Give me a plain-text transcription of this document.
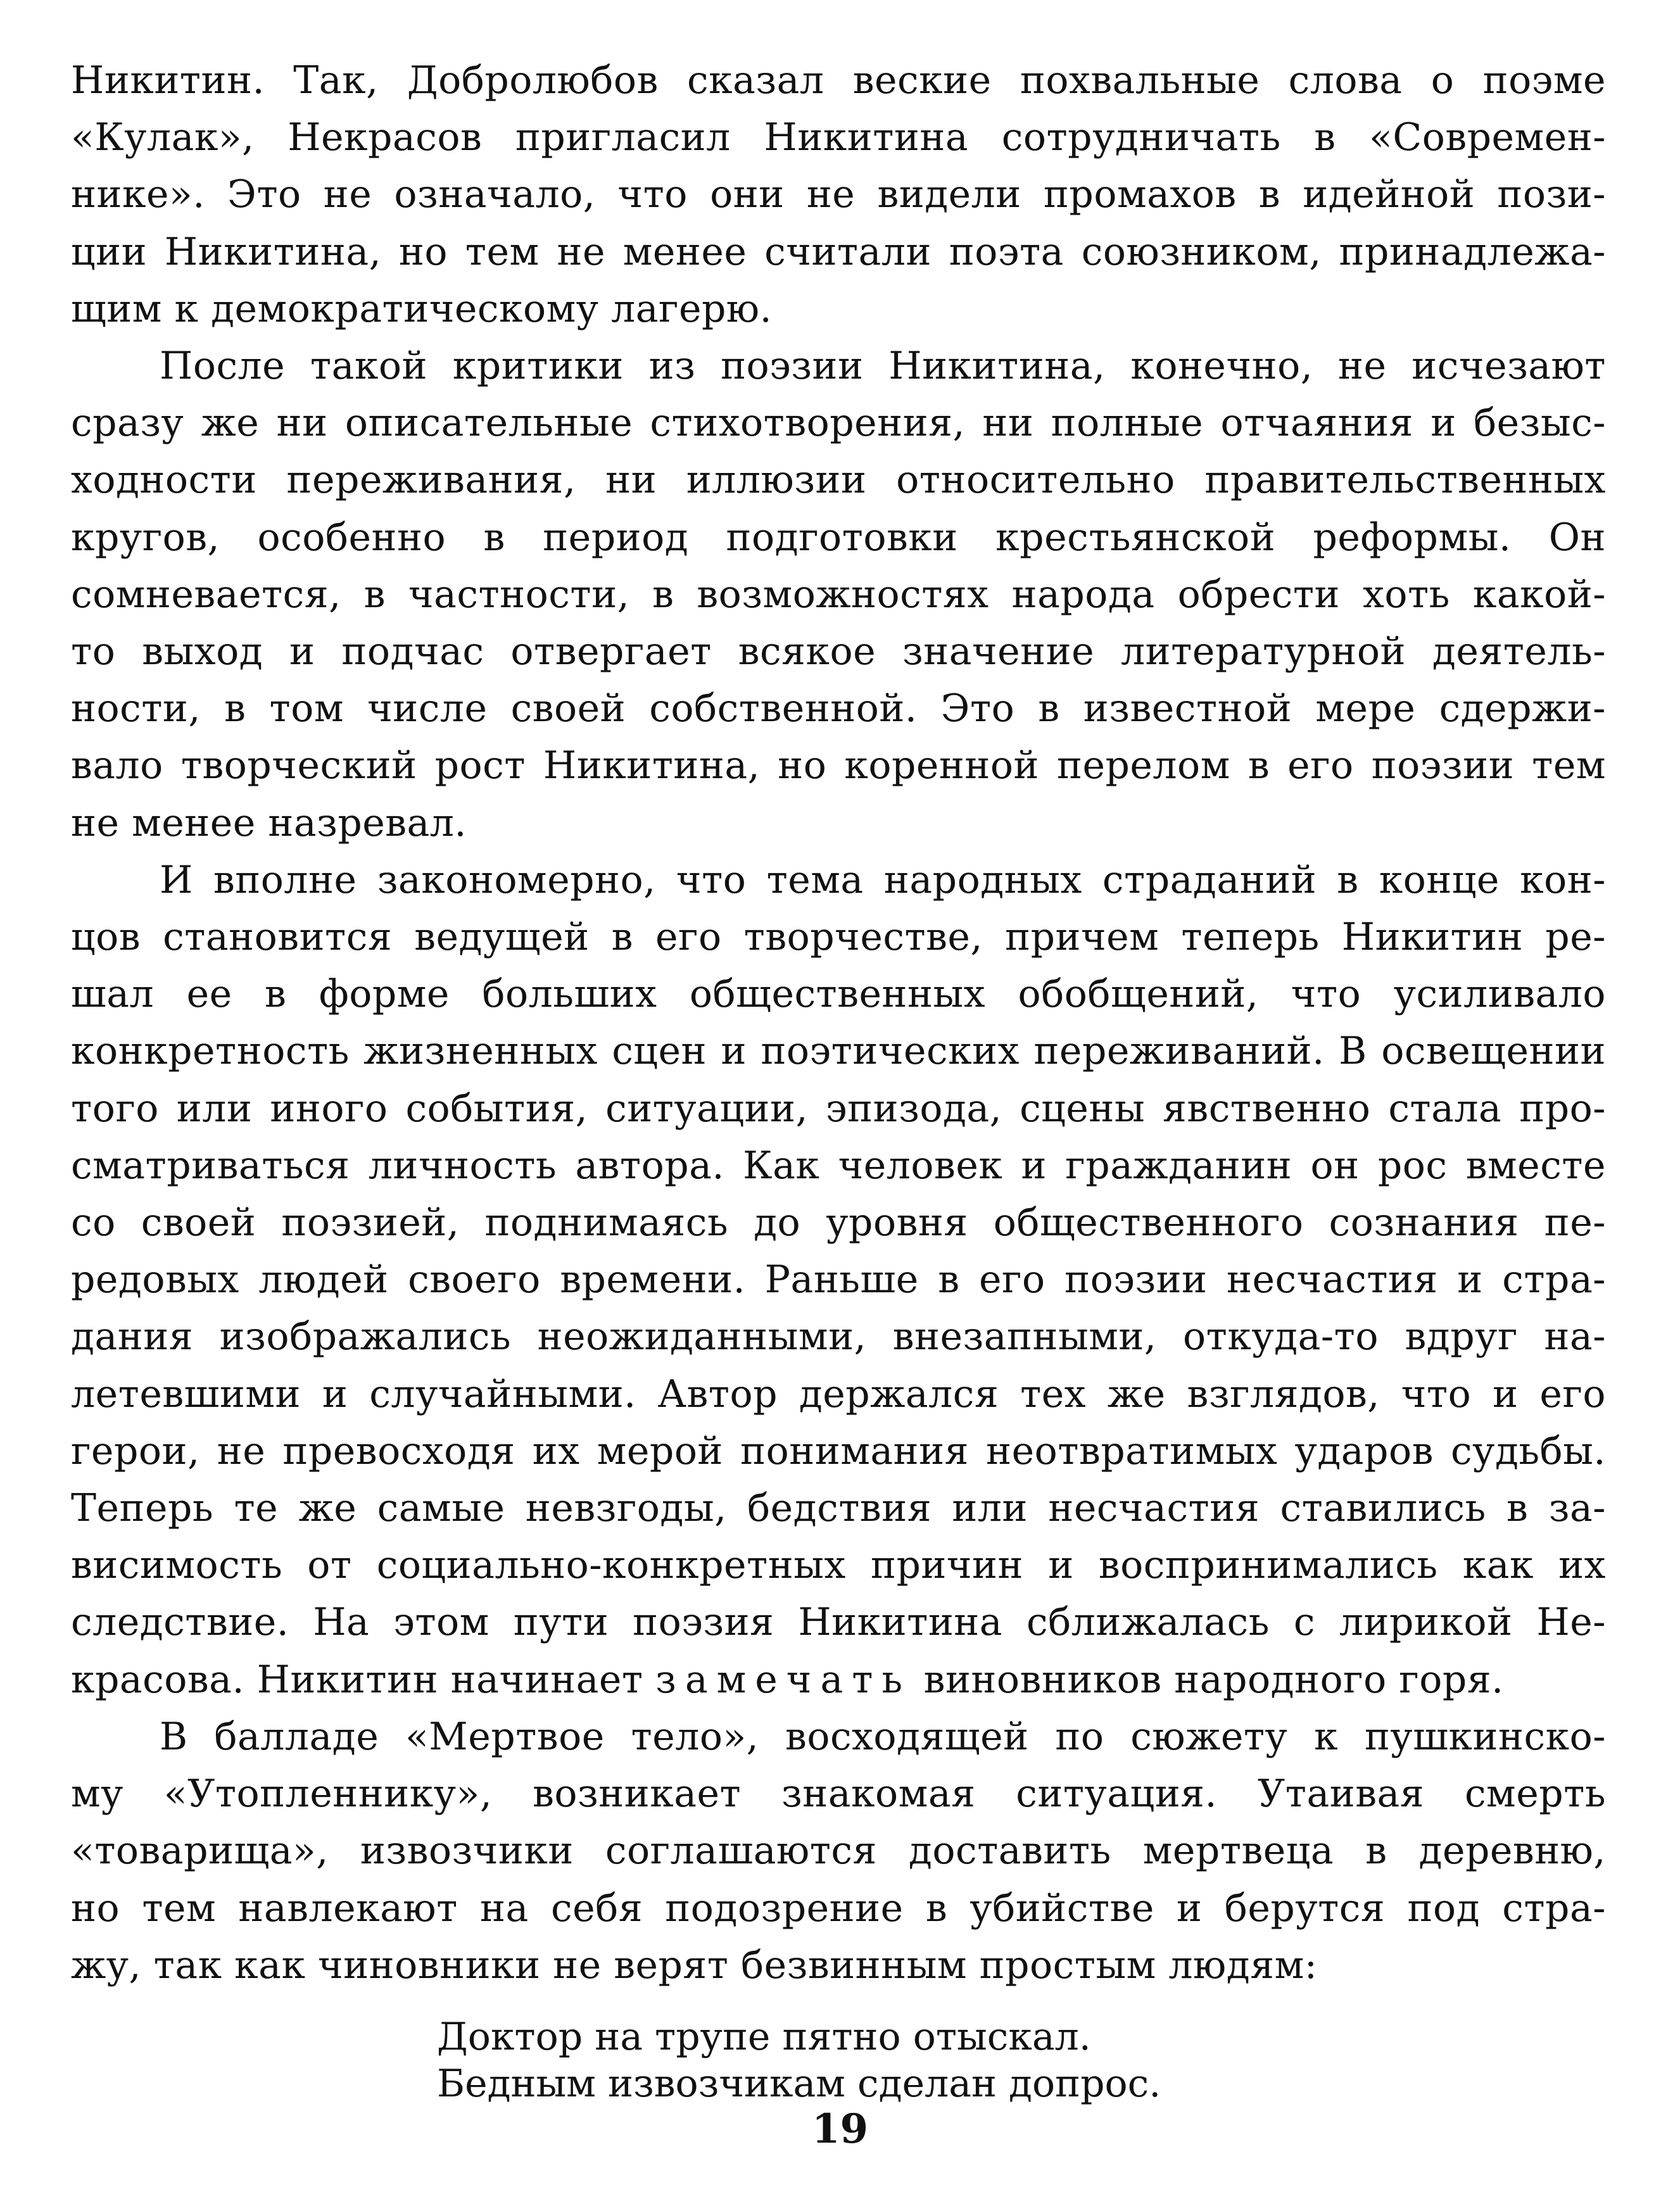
Никитин. Так, Добролюбов сказал веские похвальные слова о поэме
«Кулак», Некрасов пригласил Никитина сотрудничать в «Современ-
нике». Это не означало, что они не видели промахов в идейной пози-
ции Никитина, но тем не менее считали поэта союзником, принадлежа-
щим к демократическому лагерю.
После такой критики из поэзии Никитина, конечно, не исчезают
сразу же ни описательные стихотворения, ни полные отчаяния и безыс-
ходности переживания, ни иллюзии относительно правительственных
кругов, особенно в период подготовки крестьянской реформы. Он
сомневается, в частности, в возможностях народа обрести хоть какой-
то выход и подчас отвергает всякое значение литературной деятель-
ности, в том числе своей собственной. Это в известной мере сдержи-
вало творческий рост Никитина, но коренной перелом в его поэзии тем
не менее назревал.
И вполне закономерно, что тема народных страданий в конце кон-
цов становится ведущей в его творчестве, причем теперь Никитин ре-
шал ее в форме больших общественных обобщений, что усиливало
конкретность жизненных сцен и поэтических переживаний. В освещении
того или иного события, ситуации, эпизода, сцены явственно стала про-
сматриваться личность автора. Как человек и гражданин он рос вместе
со своей поэзией, поднимаясь до уровня общественного сознания пе-
редовых людей своего времени. Раньше в его поэзии несчастия и стра-
дания изображались неожиданными, внезапными, откуда-то вдруг на-
летевшими и случайными. Автор держался тех же взглядов, что и его
герои, не превосходя их мерой понимания неотвратимых ударов судьбы.
Теперь те же самые невзгоды, бедствия или несчастия ставились в за-
висимость от социально-конкретных причин и воспринимались как их
следствие. На этом пути поэзия Никитина сближалась с лирикой Не-
красова. Никитин начинает замечать виновников народного горя.
В балладе «Мертвое тело», восходящей по сюжету к пушкинско-
му «Утопленнику», возникает знакомая ситуация. Утаивая смерть
«товарища», извозчики соглашаются доставить мертвеца в деревню,
но тем навлекают на себя подозрение в убийстве и берутся под стра-
жу, так как чиновники не верят безвинным простым людям:
Доктор на трупе пятно отыскал.
Бедным извозчикам сделан допрос.
19
